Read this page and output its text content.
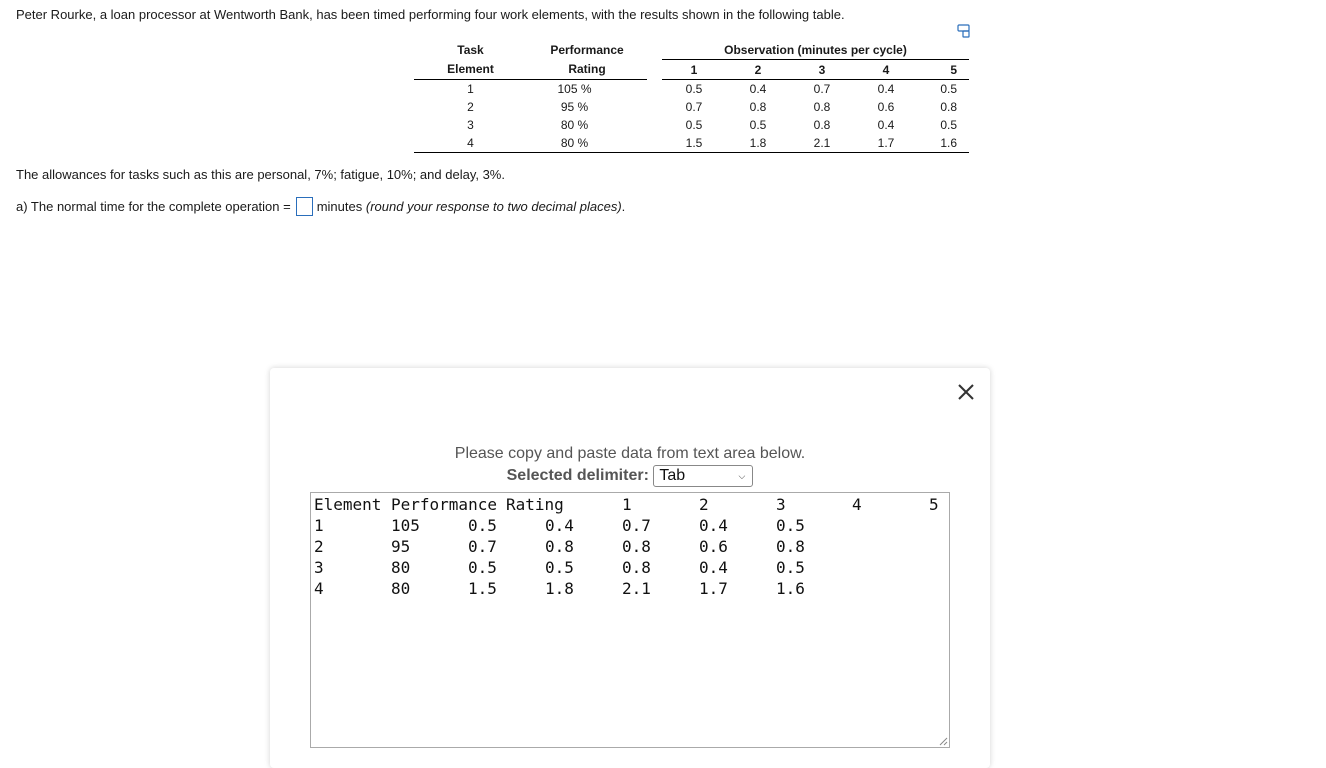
Peter Rourke, a loan processor at Wentworth Bank, has been timed performing four work elements, with the results shown in the following table.
Task	Performance		Observation (minutes per cycle)				
Element	Rating		1	2	3	4	5
1	105 %		0.5	0.4	0.7	0.4	0.5
2	95 %		0.7	0.8	0.8	0.6	0.8
3	80 %		0.5	0.5	0.8	0.4	0.5
4	80 %		1.5	1.8	2.1	1.7	1.6
The allowances for tasks such as this are personal, 7%; fatigue, 10%; and delay, 3%.
a) The normal time for the complete operation = minutes
(round your response to two decimal places) .
Please copy and paste data from text area below.
Selected delimiter: Tab	⌵

Element

Performance

Rating

	1

	2

	3

	4

	5

1

	105

	0.5

	0.4

	0.7

	0.4

	0.5

2

	95

	0.7

	0.8

	0.8

	0.6

	0.8

3

	80

	0.5

	0.5

	0.8

	0.4

	0.5

4

	80

	1.5

	1.8

	2.1

	1.7

	1.6
